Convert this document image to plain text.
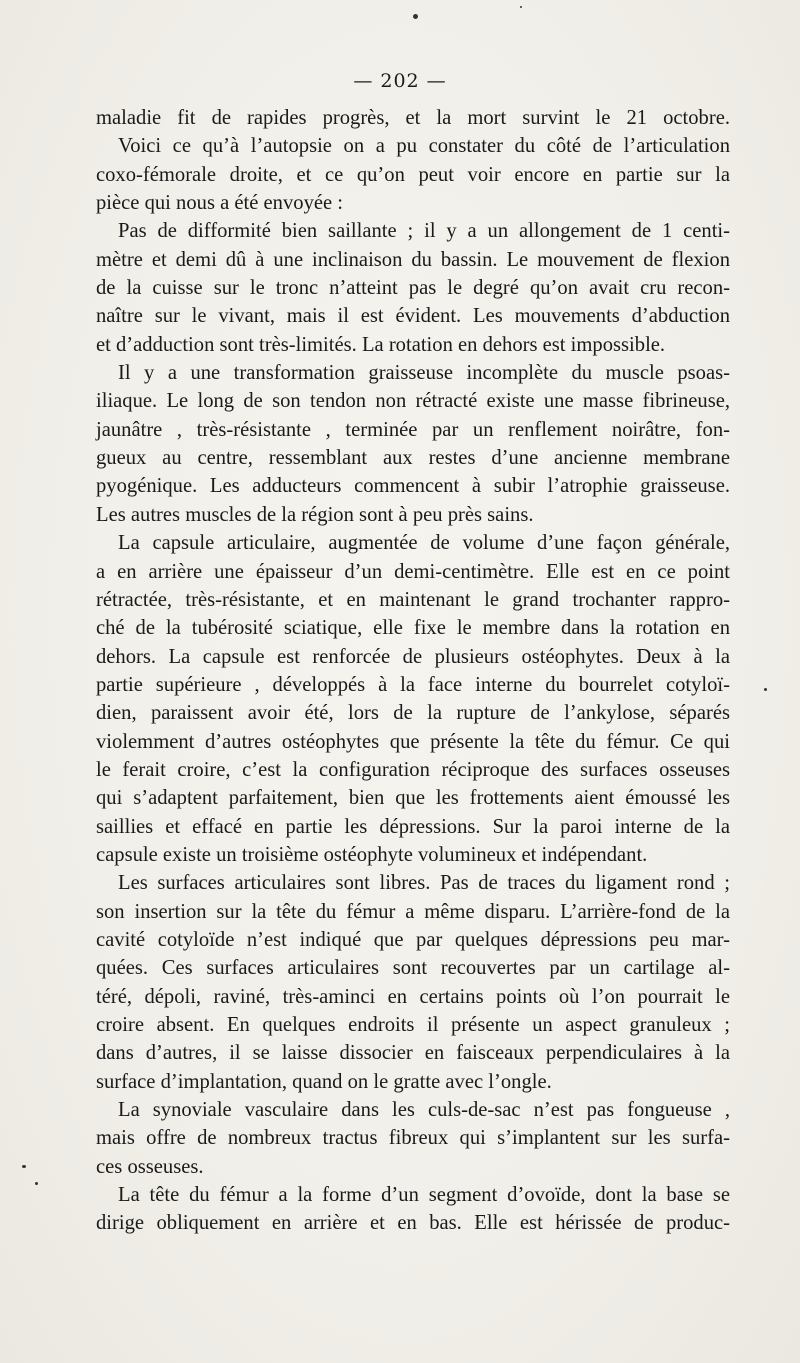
— 202 —
maladie fit de rapides progrès, et la mort survint le 21 octobre.
Voici ce qu’à l’autopsie on a pu constater du côté de l’articulation
coxo-fémorale droite, et ce qu’on peut voir encore en partie sur la
pièce qui nous a été envoyée :
Pas de difformité bien saillante ; il y a un allongement de 1 centi-
mètre et demi dû à une inclinaison du bassin. Le mouvement de flexion
de la cuisse sur le tronc n’atteint pas le degré qu’on avait cru recon-
naître sur le vivant, mais il est évident. Les mouvements d’abduction
et d’adduction sont très-limités. La rotation en dehors est impossible.
Il y a une transformation graisseuse incomplète du muscle psoas-
iliaque. Le long de son tendon non rétracté existe une masse fibrineuse,
jaunâtre , très-résistante , terminée par un renflement noirâtre, fon-
gueux au centre, ressemblant aux restes d’une ancienne membrane
pyogénique. Les adducteurs commencent à subir l’atrophie graisseuse.
Les autres muscles de la région sont à peu près sains.
La capsule articulaire, augmentée de volume d’une façon générale,
a en arrière une épaisseur d’un demi-centimètre. Elle est en ce point
rétractée, très-résistante, et en maintenant le grand trochanter rappro-
ché de la tubérosité sciatique, elle fixe le membre dans la rotation en
dehors. La capsule est renforcée de plusieurs ostéophytes. Deux à la
partie supérieure , développés à la face interne du bourrelet cotyloï-
dien, paraissent avoir été, lors de la rupture de l’ankylose, séparés
violemment d’autres ostéophytes que présente la tête du fémur. Ce qui
le ferait croire, c’est la configuration réciproque des surfaces osseuses
qui s’adaptent parfaitement, bien que les frottements aient émoussé les
saillies et effacé en partie les dépressions. Sur la paroi interne de la
capsule existe un troisième ostéophyte volumineux et indépendant.
Les surfaces articulaires sont libres. Pas de traces du ligament rond ;
son insertion sur la tête du fémur a même disparu. L’arrière-fond de la
cavité cotyloïde n’est indiqué que par quelques dépressions peu mar-
quées. Ces surfaces articulaires sont recouvertes par un cartilage al-
téré, dépoli, raviné, très-aminci en certains points où l’on pourrait le
croire absent. En quelques endroits il présente un aspect granuleux ;
dans d’autres, il se laisse dissocier en faisceaux perpendiculaires à la
surface d’implantation, quand on le gratte avec l’ongle.
La synoviale vasculaire dans les culs-de-sac n’est pas fongueuse ,
mais offre de nombreux tractus fibreux qui s’implantent sur les surfa-
ces osseuses.
La tête du fémur a la forme d’un segment d’ovoïde, dont la base se
dirige obliquement en arrière et en bas. Elle est hérissée de produc-
